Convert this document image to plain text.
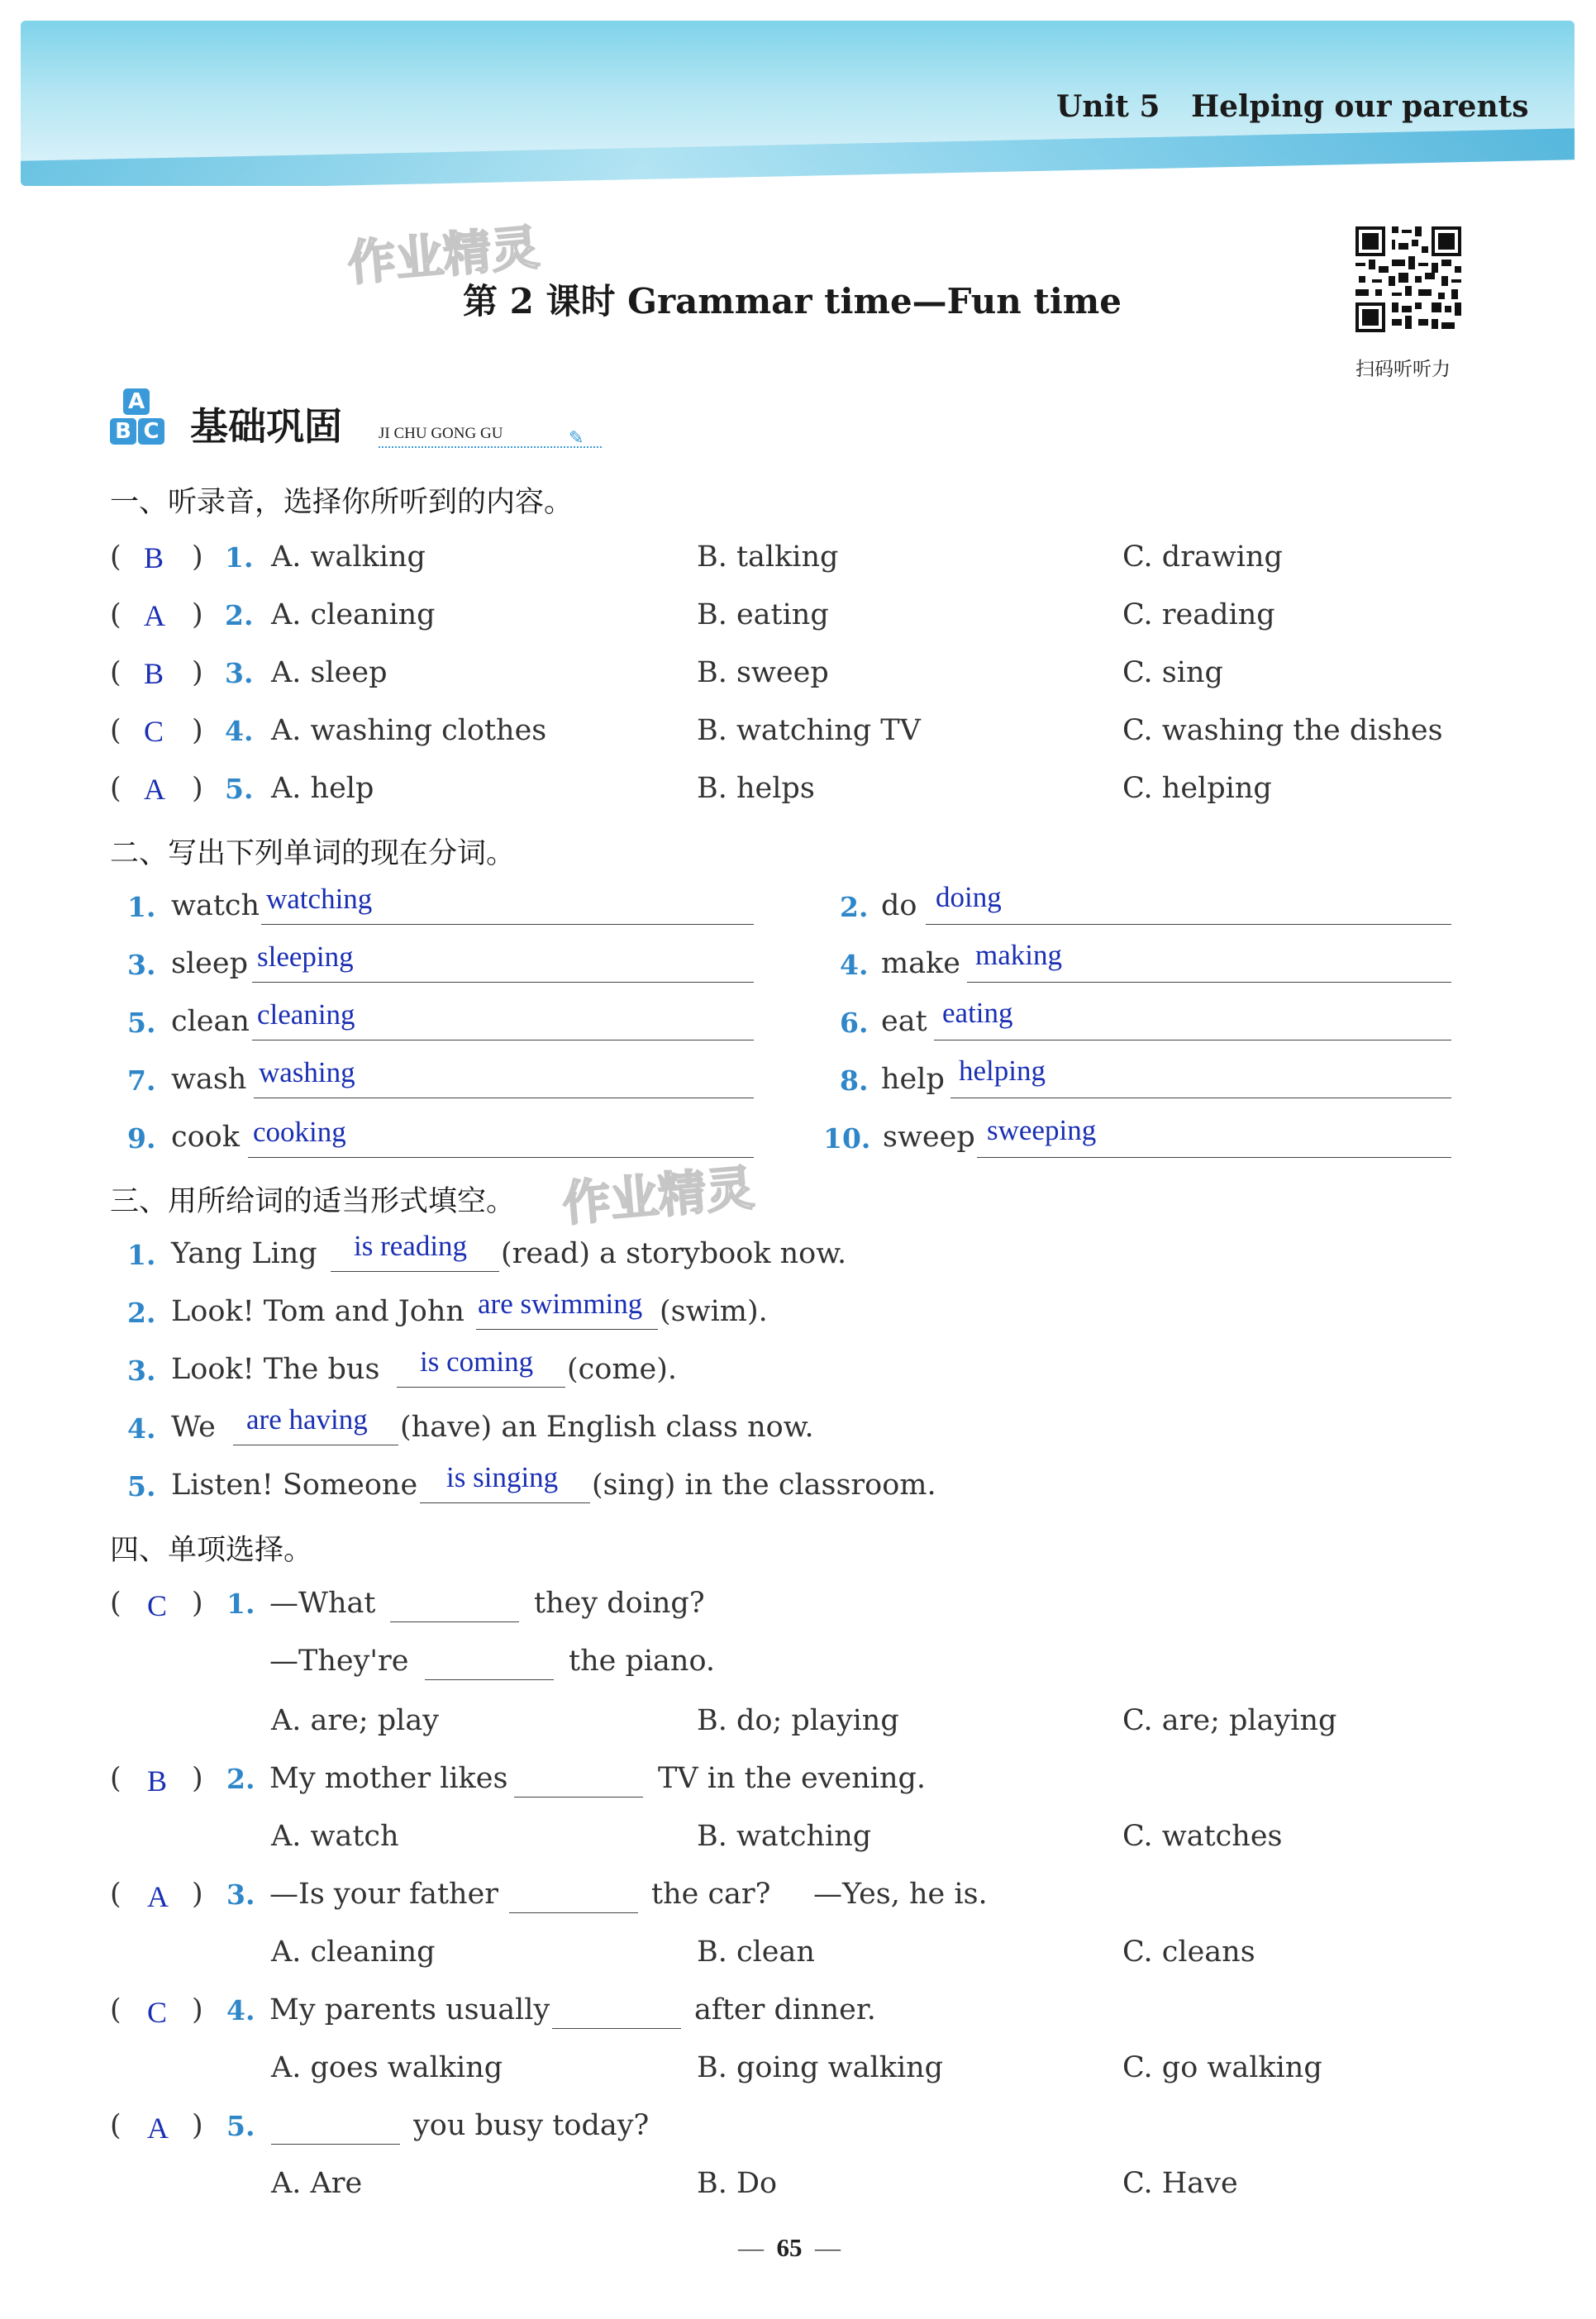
Unit 5 Helping our parents
作业精灵
作业精灵
第 2 课时 Grammar time—Fun time
扫码听听力
A
B C 基础巩固 JI CHU GONG GU	✎
一、听录音，选择你所听到的内容。
( B ) 1. A. walking	B. talking	C. drawing
( A ) 2. A. cleaning	B. eating	C. reading
( B ) 3. A. sleep	B. sweep	C. sing
( C ) 4. A. washing clothes	B. watching TV	C. washing the dishes
( A ) 5. A. help	B. helps	C. helping
二、写出下列单词的现在分词。
1. watch watching
3. sleep sleeping
5. clean cleaning
7. wash washing
9. cook cooking
2. do doing
4. make making
6. eat eating
8. help helping
10. sweep sweeping
三、用所给词的适当形式填空。
1. Yang Ling is reading (read) a storybook now.
2. Look! Tom and John are swimming (swim).
3. Look! The bus is coming (come).
4. We are having (have) an English class now.
5. Listen! Someone is singing (sing) in the classroom.
四、单项选择。
( C ) 1. —What	they doing?
—They're	the piano.
A. are; play	B. do; playing	C. are; playing
( B ) 2. My mother likes	TV in the evening.
A. watch	B. watching	C. watches
( A ) 3. —Is your father	the car? —Yes, he is.
A. cleaning	B. clean	C. cleans
( C ) 4. My parents usually	after dinner.
A. goes walking	B. going walking	C. go walking
( A ) 5.	you busy today?
A. Are	B. Do	C. Have
—  65  —
